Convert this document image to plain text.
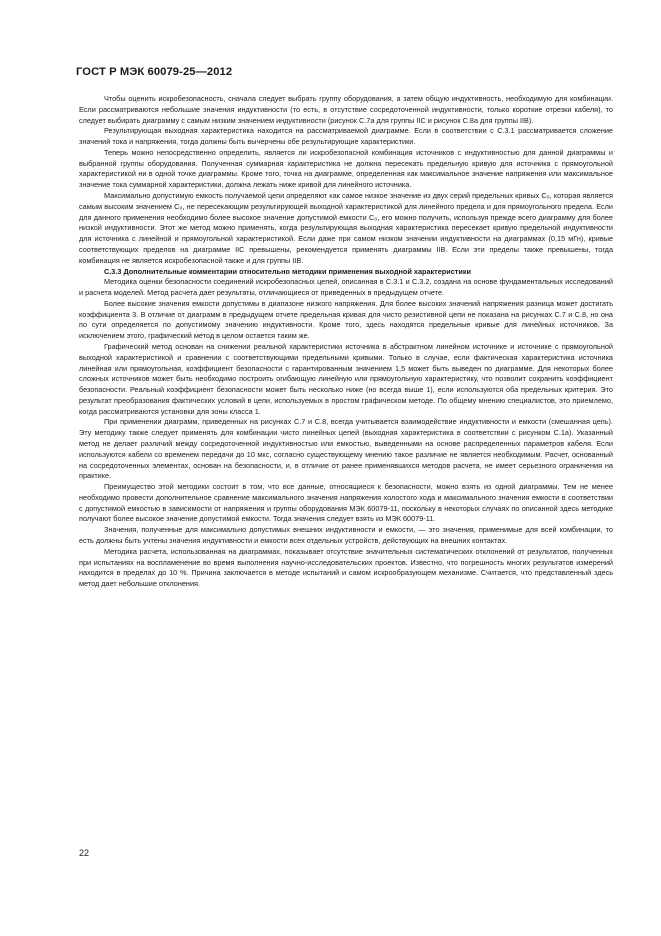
ГОСТ Р МЭК 60079-25—2012

Чтобы оценить искробезопасность, сначала следует выбрать группу оборудования, а затем общую индуктивность, необходимую для комбинации. Если рассматриваются небольшие значения индуктивности (то есть, в отсутствие сосредоточенной индуктивности, только короткие отрезки кабеля), то следует выбирать диаграмму с самым низким значением индуктивности (рисунок С.7а для группы IIC и рисунок С.8а для группы IIB).

Результирующая выходная характеристика находится на рассматриваемой диаграмме. Если в соответствии с С.3.1 рассматривается сложение значений тока и напряжения, тогда должны быть вычерчены обе результирующие характеристики.

Теперь можно непосредственно определить, является ли искробезопасной комбинация источников с индуктивностью для данной диаграммы и выбранной группы оборудования. Полученная суммарная характеристика не должна пересекать предельную кривую для источника с прямоугольной характеристикой ни в одной точке диаграммы. Кроме того, точка на диаграмме, определенная как максимальное значение напряжения или максимальное значение тока суммарной характеристики, должна лежать ниже кривой для линейного источника.

Максимально допустимую емкость получаемой цепи определяют как самое низкое значение из двух серий предельных кривых C₀, которая является самым высоким значением C₀, не пересекающим результирующей выходной характеристикой для линейного предела и для прямоугольного предела. Если для данного применения необходимо более высокое значение допустимой емкости C₀, его можно получить, используя прежде всего диаграмму для более низкой индуктивности. Этот же метод можно применять, когда результирующая выходная характеристика пересекает кривую предельной индуктивности для источника с линейной и прямоугольной характеристикой. Если даже при самом низком значении индуктивности на диаграммах (0,15 мГн), кривые соответствующих пределов на диаграмме IIC превышены, рекомендуется применять диаграммы IIB. Если эти пределы также превышены, тогда комбинация не является искробезопасной также и для группы IIB.

С.3.3 Дополнительные комментарии относительно методики применения выходной характеристики

Методика оценки безопасности соединений искробезопасных цепей, описанная в С.3.1 и С.3.2, создана на основе фундаментальных исследований и расчета моделей. Метод расчета дает результаты, отличающиеся от приведенных в предыдущем отчете.

Более высокие значения емкости допустимы в диапазоне низкого напряжения. Для более высоких значений напряжения разница может достигать коэффициента 3. В отличие от диаграмм в предыдущем отчете предельная кривая для чисто резистивной цепи не показана на рисунках С.7 и С.8, но она по сути определяется по допустимому значению индуктивности. Кроме того, здесь находятся предельные кривые для линейных источников. За исключением этого, графический метод в целом остается таким же.

Графический метод основан на снижении реальной характеристики источника в абстрактном линейном источнике и источнике с прямоугольной выходной характеристикой и сравнении с соответствующими предельными кривыми. Только в случае, если фактическая характеристика источника линейная или прямоугольная, коэффициент безопасности с гарантированным значением 1,5 может быть выведен по диаграмме. Для некоторых более сложных источников может быть необходимо построить огибающую линейную или прямоугольную характеристику, что позволит сохранить коэффициент безопасности. Реальный коэффициент безопасности может быть несколько ниже (но всегда выше 1), если используются оба предельных критерия. Это результат преобразования фактических условий в цепи, используемых в простом графическом методе. По общему мнению специалистов, это приемлемо, когда рассматриваются установки для зоны класса 1.

При применении диаграмм, приведенных на рисунках С.7 и С.8, всегда учитывается взаимодействие индуктивности и емкости (смешанная цепь). Эту методику также следует применять для комбинации чисто линейных цепей (выходная характеристика в соответствии с рисунком С.1а). Указанный метод не делает различий между сосредоточенной индуктивностью или емкостью, выведенными на основе распределенных параметров кабеля. Если используются кабели со временем передачи до 10 мкс, согласно существующему мнению такое различие не является необходимым. Расчет, основанный на сосредоточенных элементах, основан на безопасности, и, в отличие от ранее применявшихся методов расчета, не имеет серьезного ограничения на практике.

Преимущество этой методики состоит в том, что все данные, относящиеся к безопасности, можно взять из одной диаграммы. Тем не менее необходимо провести дополнительное сравнение максимального значения напряжения холостого хода и максимального значения емкости в соответствии с допустимой емкостью в зависимости от напряжения и группы оборудования МЭК 60079-11, поскольку в некоторых случаях по описанной здесь методике получают более высокое значение допустимой емкости. Тогда значения следует взять из МЭК 60079-11.

Значения, полученные для максимально допустимых внешних индуктивности и емкости, — это значения, применимые для всей комбинации, то есть должны быть учтены значения индуктивности и емкости всех отдельных устройств, действующих на внешних контактах.

Методика расчета, использованная на диаграммах, показывает отсутствие значительных систематических отклонений от результатов, полученных при испытаниях на воспламенение во время выполнения научно-исследовательских проектов. Известно, что погрешность многих результатов измерений находится в пределах до 10 %. Причина заключается в методе испытаний и самом искрообразующем механизме. Считается, что представленный здесь метод дает небольшие отклонения.

22
